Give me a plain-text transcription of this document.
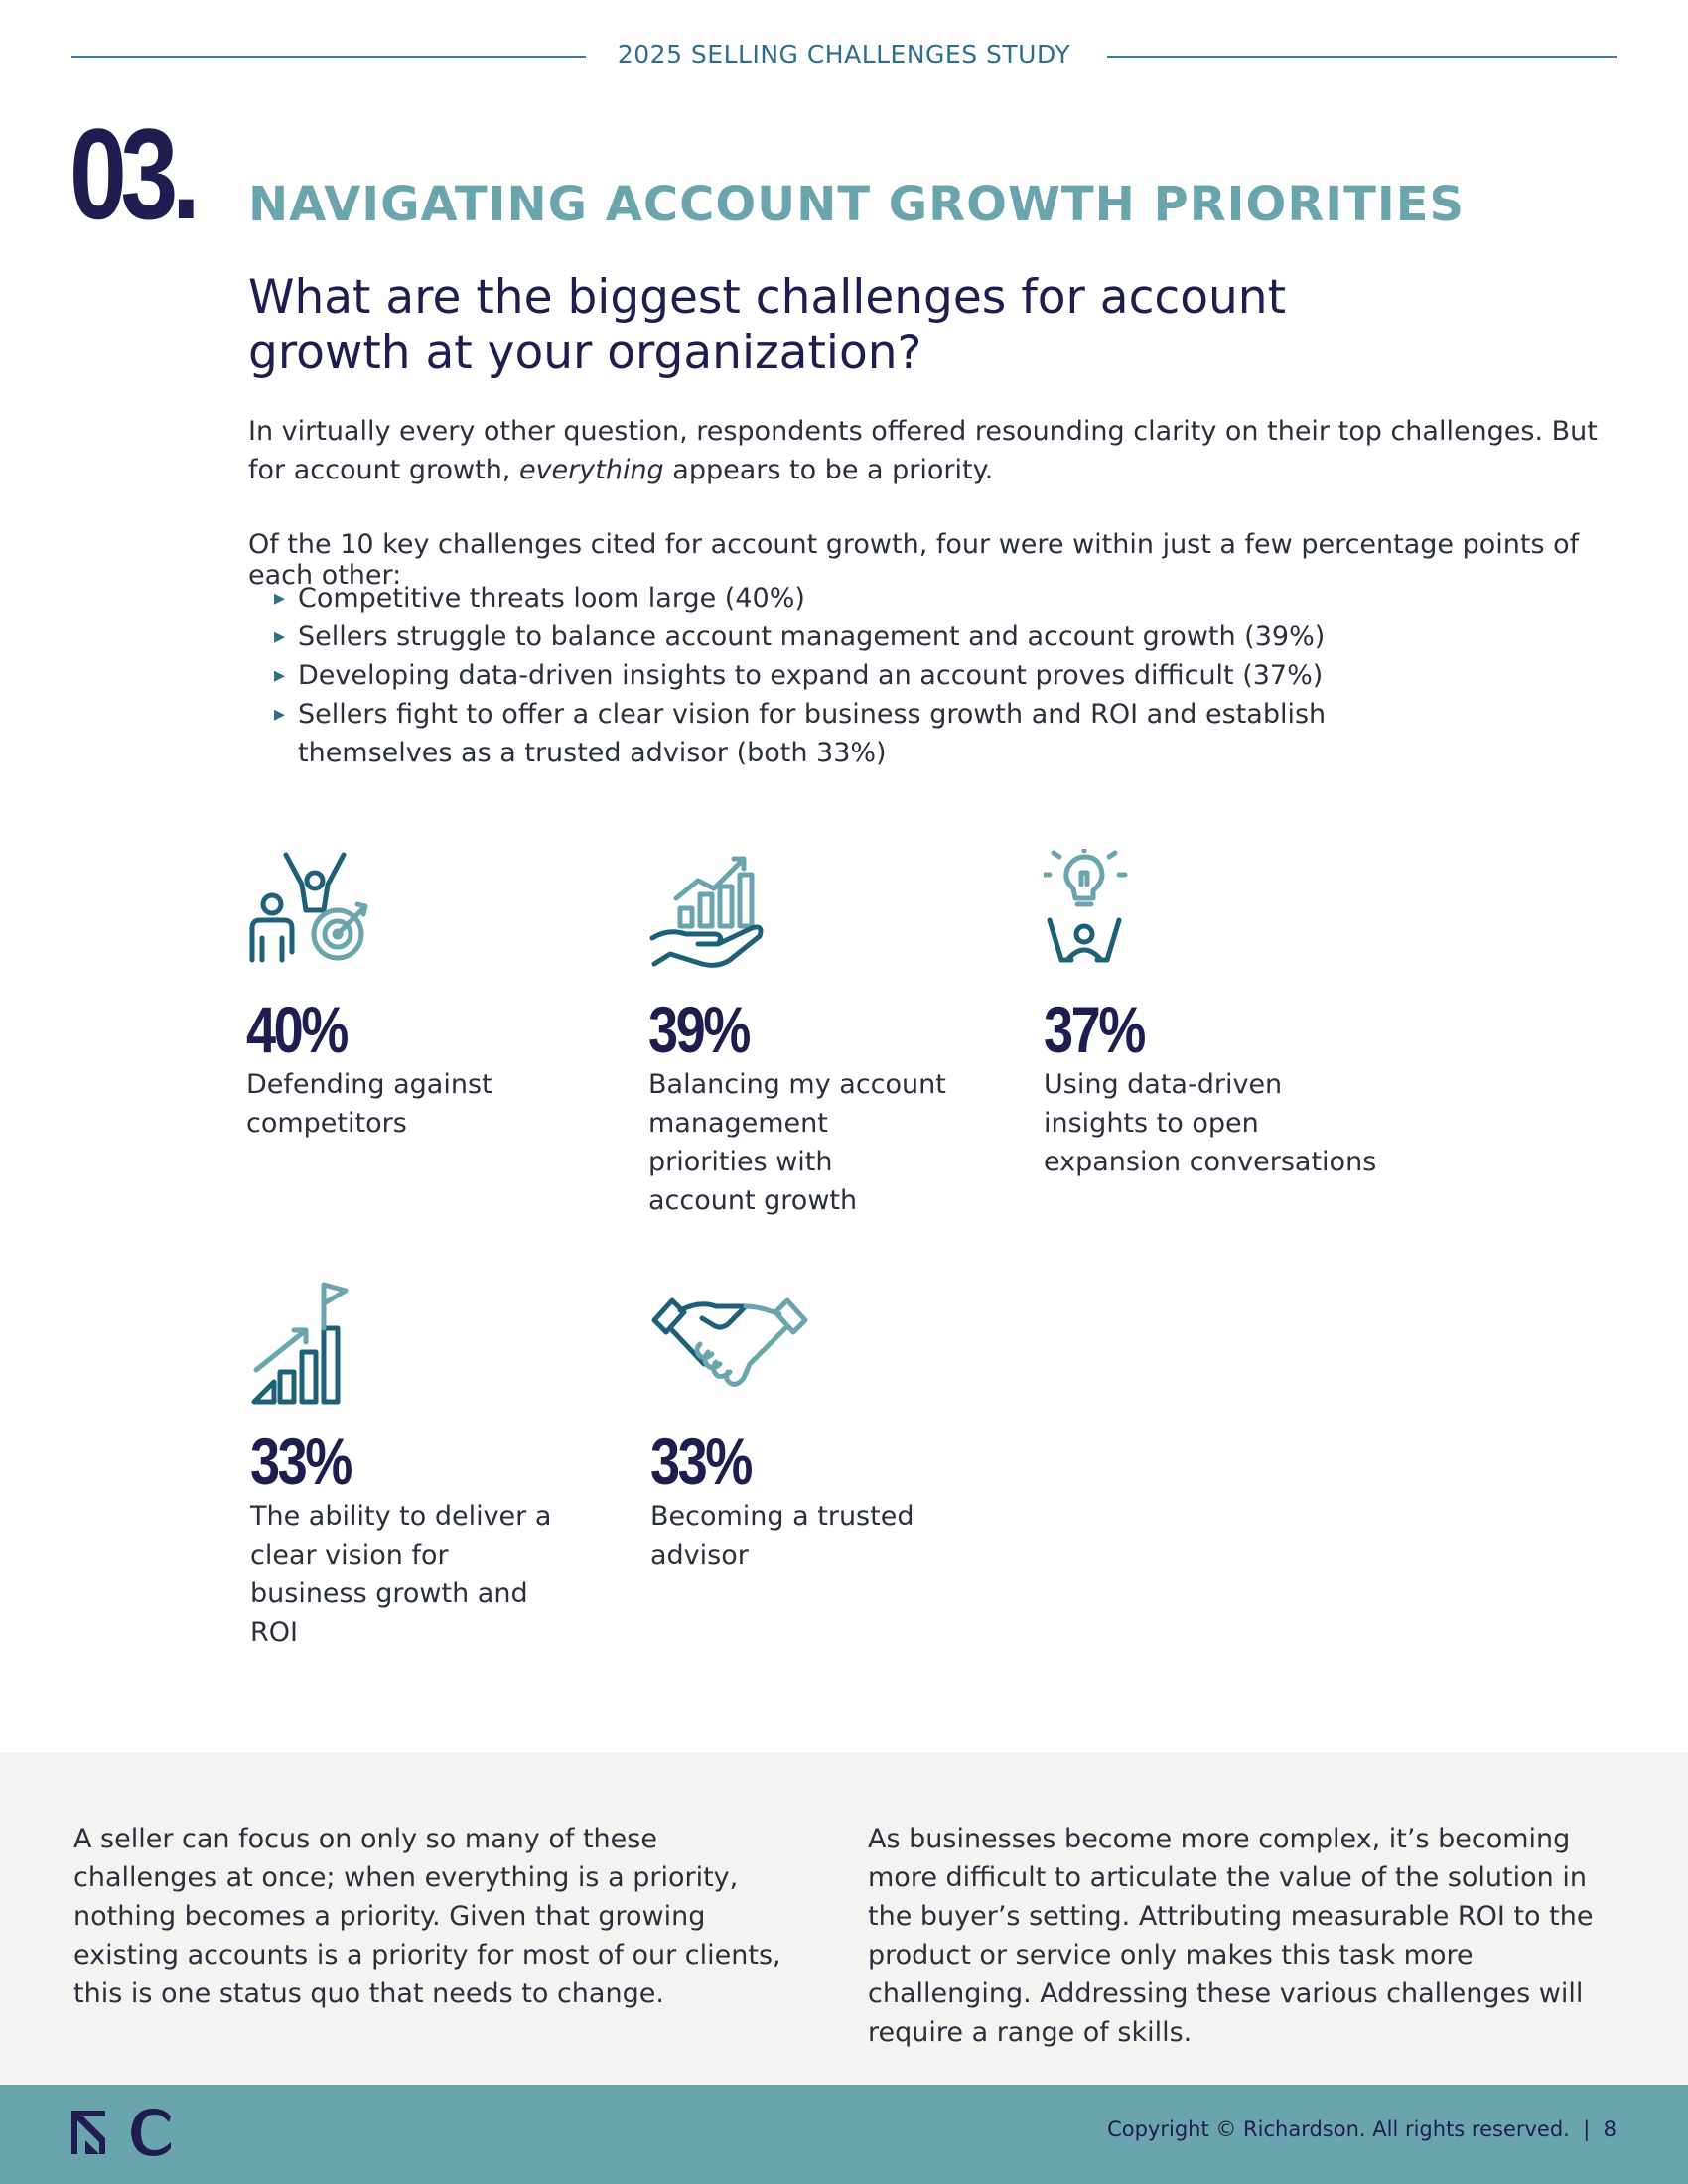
2025 SELLING CHALLENGES STUDY
03. NAVIGATING ACCOUNT GROWTH PRIORITIES
What are the biggest challenges for account
growth at your organization?
In virtually every other question, respondents offered resounding clarity on their top challenges. But for account growth, everything appears to be a priority.
Of the 10 key challenges cited for account growth, four were within just a few percentage points of each other:
▸ Competitive threats loom large (40%)
▸ Sellers struggle to balance account management and account growth (39%)
▸ Developing data-driven insights to expand an account proves difficult (37%)
▸ Sellers fight to offer a clear vision for business growth and ROI and establish themselves as a trusted advisor (both 33%)
40%
Defending against competitors
39%
Balancing my account management priorities with account growth
37%
Using data-driven insights to open expansion conversations
33%
The ability to deliver a clear vision for business growth and ROI
33%
Becoming a trusted advisor
A seller can focus on only so many of these challenges at once; when everything is a priority, nothing becomes a priority. Given that growing existing accounts is a priority for most of our clients, this is one status quo that needs to change.
As businesses become more complex, it’s becoming more difficult to articulate the value of the solution in the buyer’s setting. Attributing measurable ROI to the product or service only makes this task more challenging. Addressing these various challenges will require a range of skills.
Copyright © Richardson. All rights reserved.  |  8
